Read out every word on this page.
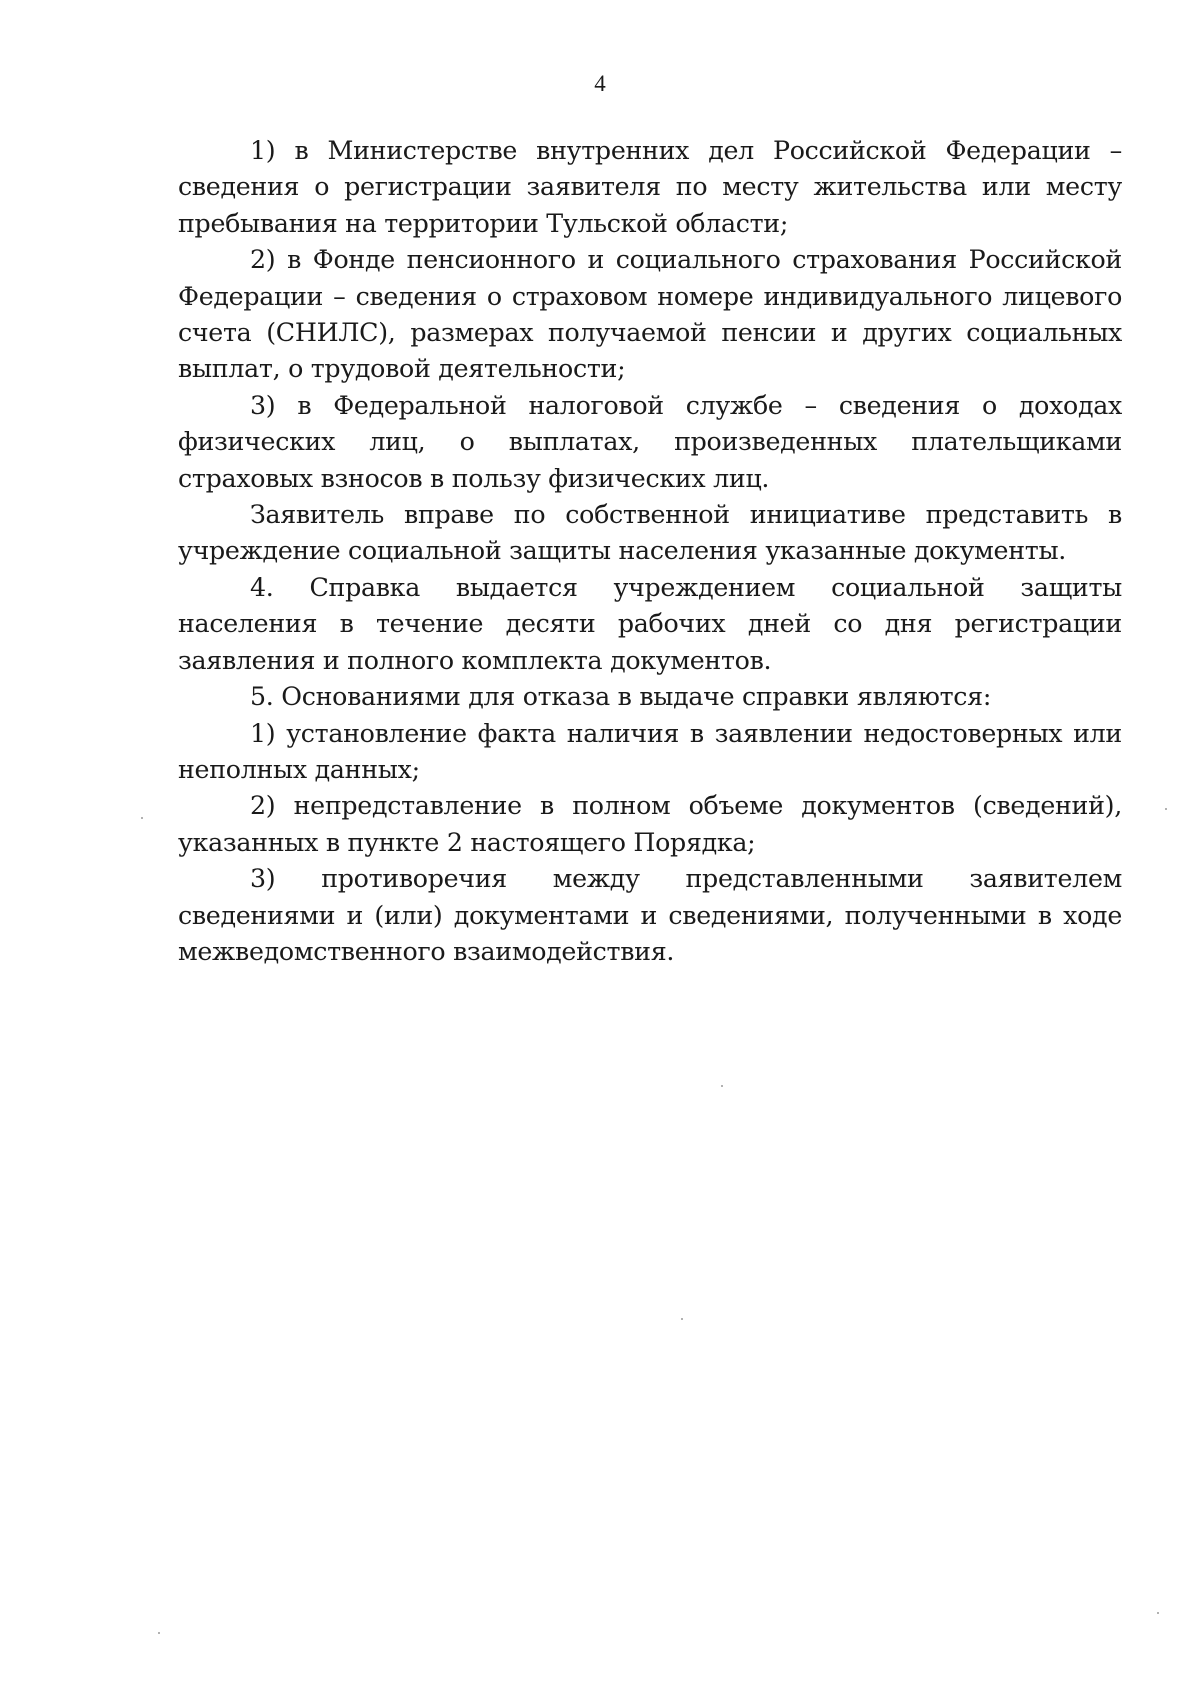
4

1) в Министерстве внутренних дел Российской Федерации – сведения о регистрации заявителя по месту жительства или месту пребывания на территории Тульской области;

2) в Фонде пенсионного и социального страхования Российской Федерации – сведения о страховом номере индивидуального лицевого счета (СНИЛС), размерах получаемой пенсии и других социальных выплат, о трудовой деятельности;

3) в Федеральной налоговой службе – сведения о доходах физических лиц, о выплатах, произведенных плательщиками страховых взносов в пользу физических лиц.

Заявитель вправе по собственной инициативе представить в учреждение социальной защиты населения указанные документы.

4. Справка выдается учреждением социальной защиты населения в течение десяти рабочих дней со дня регистрации заявления и полного комплекта документов.

5. Основаниями для отказа в выдаче справки являются:

1) установление факта наличия в заявлении недостоверных или неполных данных;

2) непредставление в полном объеме документов (сведений), указанных в пункте 2 настоящего Порядка;

3) противоречия между представленными заявителем сведениями и (или) документами и сведениями, полученными в ходе межведомственного взаимодействия.
